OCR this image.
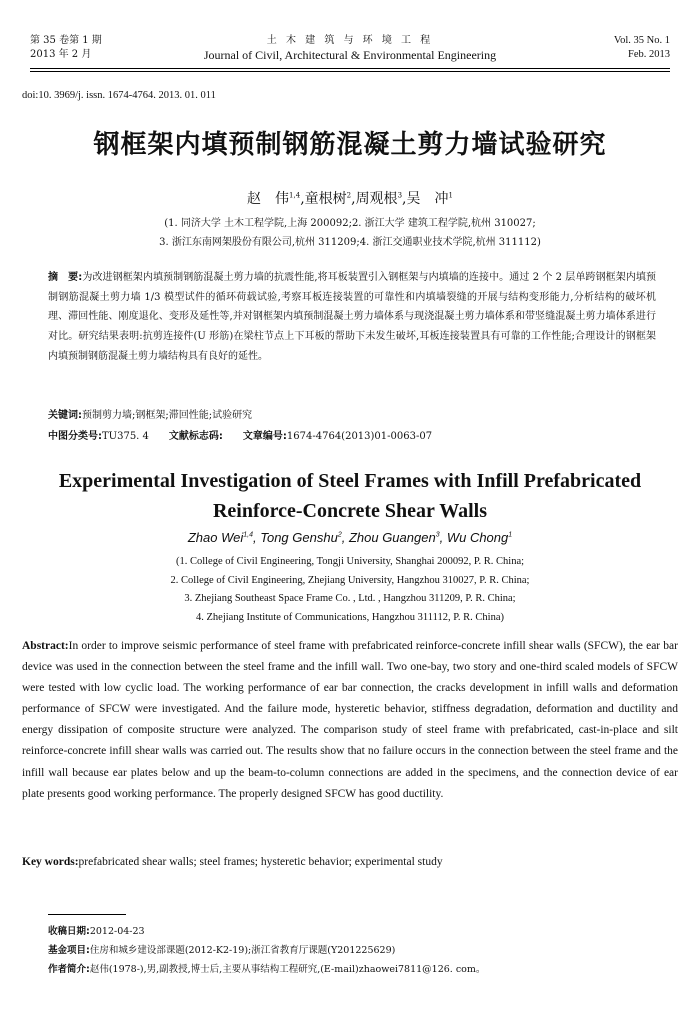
第 35 卷第 1 期
2013 年 2 月
土 木 建 筑 与 环 境 工 程
Journal of Civil, Architectural & Environmental Engineering
Vol. 35 No. 1
Feb. 2013
doi:10. 3969/j. issn. 1674-4764. 2013. 01. 011
钢框架内填预制钢筋混凝土剪力墙试验研究
赵　伟$^{1,4}$,童根树$^2$,周观根$^3$,吴　冲$^1$
(1. 同济大学 土木工程学院,上海 200092;2. 浙江大学 建筑工程学院,杭州 310027;
3. 浙江东南网架股份有限公司,杭州 311209;4. 浙江交通职业技术学院,杭州 311112)
摘　要:为改进钢框架内填预制钢筋混凝土剪力墙的抗震性能,将耳板装置引入钢框架与内填墙的连接中。通过 2 个 2 层单跨钢框架内填预制钢筋混凝土剪力墙 1/3 模型试件的循环荷载试验,考察耳板连接装置的可靠性和内填墙裂缝的开展与结构变形能力,分析结构的破坏机理、滞回性能、刚度退化、变形及延性等,并对钢框架内填预制混凝土剪力墙体系与现浇混凝土剪力墙体系和带竖缝混凝土剪力墙体系进行对比。研究结果表明:抗剪连接件(U 形筋)在梁柱节点上下耳板的帮助下未发生破坏,耳板连接装置具有可靠的工作性能;合理设计的钢框架内填预制钢筋混凝土剪力墙结构具有良好的延性。
关键词:预制剪力墙;钢框架;滞回性能;试验研究
中图分类号:TU375. 4 文献标志码: 文章编号:1674-4764(2013)01-0063-07
Experimental Investigation of Steel Frames with Infill Prefabricated Reinforce-Concrete Shear Walls
Zhao Wei$^{1,4}$, Tong Genshu$^2$, Zhou Guangen$^3$, Wu Chong$^1$
(1. College of Civil Engineering, Tongji University, Shanghai 200092, P. R. China;
2. College of Civil Engineering, Zhejiang University, Hangzhou 310027, P. R. China;
3. Zhejiang Southeast Space Frame Co. , Ltd. , Hangzhou 311209, P. R. China;
4. Zhejiang Institute of Communications, Hangzhou 311112, P. R. China)
Abstract:In order to improve seismic performance of steel frame with prefabricated reinforce-concrete infill shear walls (SFCW), the ear bar device was used in the connection between the steel frame and the infill wall. Two one-bay, two story and one-third scaled models of SFCW were tested with low cyclic load. The working performance of ear bar connection, the cracks development in infill walls and deformation performance of SFCW were investigated. And the failure mode, hysteretic behavior, stiffness degradation, deformation and ductility and energy dissipation of composite structure were analyzed. The comparison study of steel frame with prefabricated, cast-in-place and silt reinforce-concrete infill shear walls was carried out. The results show that no failure occurs in the connection between the steel frame and the infill wall because ear plates below and up the beam-to-column connections are added in the specimens, and the connection device of ear plate presents good working performance. The properly designed SFCW has good ductility.
Key words:prefabricated shear walls; steel frames; hysteretic behavior; experimental study
收稿日期:2012-04-23
基金项目:住房和城乡建设部课题(2012-K2-19);浙江省教育厅课题(Y201225629)
作者简介:赵伟(1978-),男,副教授,博士后,主要从事结构工程研究,(E-mail)zhaowei7811@126. com。
